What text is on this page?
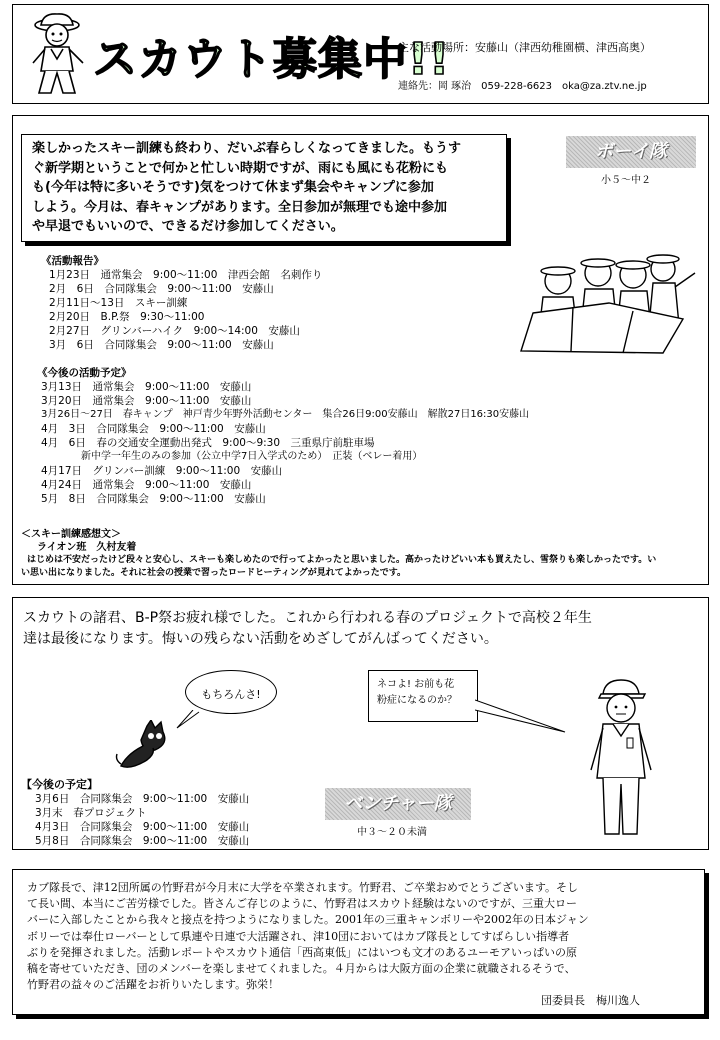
スカウト募集中!!
主な活動場所：安藤山（津西幼稚園横、津西高奥）
連絡先：岡 琢治　059-228-6623　oka@za.ztv.ne.jp
楽しかったスキー訓練も終わり、だいぶ春らしくなってきました。もうす
ぐ新学期ということで何かと忙しい時期ですが、雨にも風にも花粉にも
も(今年は特に多いそうです)気をつけて休まず集会やキャンプに参加
しよう。今月は、春キャンプがあります。全日参加が無理でも途中参加
や早退でもいいので、できるだけ参加してください。
ボーイ隊
小５〜中２
《活動報告》
1月23日　通常集会　9:00〜11:00　津西会館　名刺作り
2月　6日　合同隊集会　9:00〜11:00　安藤山
2月11日〜13日　スキー訓練
2月20日　B.P.祭　9:30〜11:00
2月27日　グリンバーハイク　9:00〜14:00　安藤山
3月　6日　合同隊集会　9:00〜11:00　安藤山
《今後の活動予定》
3月13日　通常集会　9:00〜11:00　安藤山
3月20日　通常集会　9:00〜11:00　安藤山
3月26日〜27日　春キャンプ　神戸青少年野外活動センター　集合26日9:00安藤山　解散27日16:30安藤山
4月　3日　合同隊集会　9:00〜11:00　安藤山
4月　6日　春の交通安全運動出発式　9:00〜9:30　三重県庁前駐車場
　　　　新中学一年生のみの参加（公立中学7日入学式のため）　正装（ベレー着用）
4月17日　グリンバー訓練　9:00〜11:00　安藤山
4月24日　通常集会　9:00〜11:00　安藤山
5月　8日　合同隊集会　9:00〜11:00　安藤山
＜スキー訓練感想文＞
ライオン班　久村友着
はじめは不安だったけど段々と安心し、スキーも楽しめたので行ってよかったと思いました。高かったけどいい本も買えたし、雪祭りも楽しかったです。い
い思い出になりました。それに社会の授業で習ったロードヒーティングが見れてよかったです。
スカウトの諸君、B-P祭お疲れ様でした。これから行われる春のプロジェクトで高校２年生
達は最後になります。悔いの残らない活動をめざしてがんばってください。
もちろんさ!
ネコよ! お前も花
粉症になるのか？
【今後の予定】
3月6日　合同隊集会　9:00〜11:00　安藤山
3月末　春プロジェクト
4月3日　合同隊集会　9:00〜11:00　安藤山
5月8日　合同隊集会　9:00〜11:00　安藤山
ベンチャー隊
中３〜２０未満
カブ隊長で、津12団所属の竹野君が今月末に大学を卒業されます。竹野君、ご卒業おめでとうございます。そし
て長い間、本当にご苦労様でした。皆さんご存じのように、竹野君はスカウト経験はないのですが、三重大ロー
バーに入部したことから我々と接点を持つようになりました。2001年の三重キャンボリーや2002年の日本ジャン
ボリーでは奉仕ローバーとして県連や日連で大活躍され、津10団においてはカブ隊長としてすばらしい指導者
ぶりを発揮されました。活動レポートやスカウト通信「西高東低」にはいつも文才のあるユーモアいっぱいの原
稿を寄せていただき、団のメンバーを楽しませてくれました。４月からは大阪方面の企業に就職されるそうで、
竹野君の益々のご活躍をお祈りいたします。弥栄！
団委員長　梅川逸人
